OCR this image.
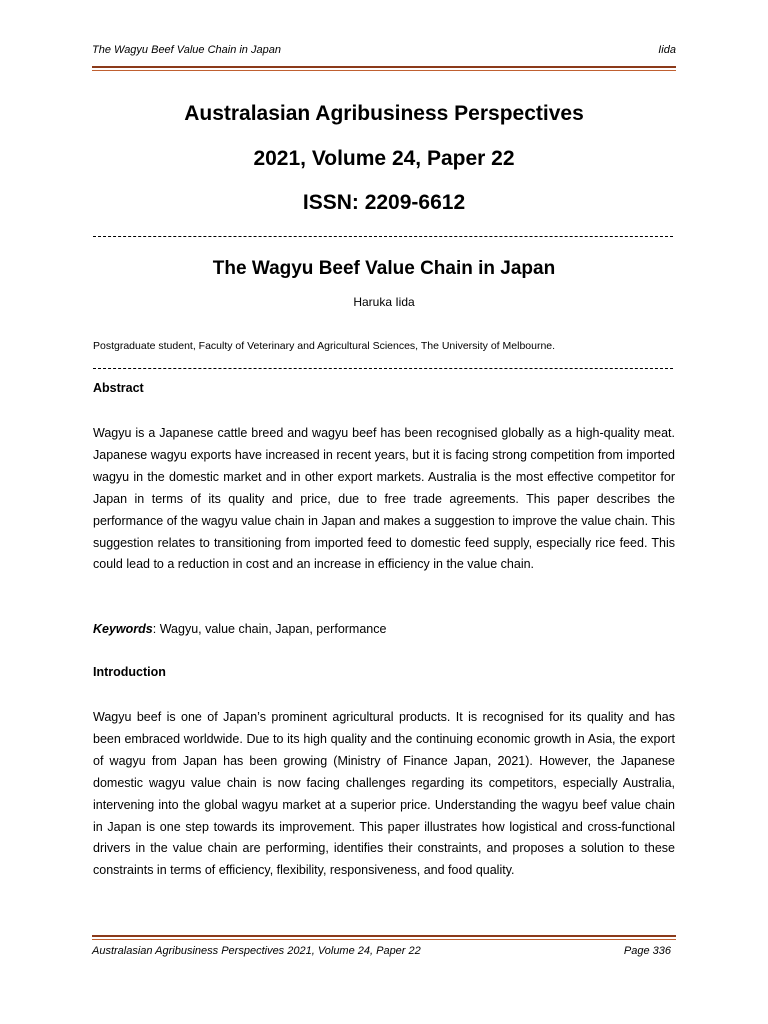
The Wagyu Beef Value Chain in Japan	Iida
Australasian Agribusiness Perspectives
2021, Volume 24, Paper 22
ISSN: 2209-6612
The Wagyu Beef Value Chain in Japan
Haruka Iida
Postgraduate student, Faculty of Veterinary and Agricultural Sciences, The University of Melbourne.
Abstract

Wagyu is a Japanese cattle breed and wagyu beef has been recognised globally as a high-quality meat. Japanese wagyu exports have increased in recent years, but it is facing strong competition from imported wagyu in the domestic market and in other export markets. Australia is the most effective competitor for Japan in terms of its quality and price, due to free trade agreements. This paper describes the performance of the wagyu value chain in Japan and makes a suggestion to improve the value chain. This suggestion relates to transitioning from imported feed to domestic feed supply, especially rice feed. This could lead to a reduction in cost and an increase in efficiency in the value chain.

Keywords: Wagyu, value chain, Japan, performance
Introduction

Wagyu beef is one of Japan’s prominent agricultural products. It is recognised for its quality and has been embraced worldwide. Due to its high quality and the continuing economic growth in Asia, the export of wagyu from Japan has been growing (Ministry of Finance Japan, 2021). However, the Japanese domestic wagyu value chain is now facing challenges regarding its competitors, especially Australia, intervening into the global wagyu market at a superior price. Understanding the wagyu beef value chain in Japan is one step towards its improvement. This paper illustrates how logistical and cross-functional drivers in the value chain are performing, identifies their constraints, and proposes a solution to these constraints in terms of efficiency, flexibility, responsiveness, and food quality.

Australasian Agribusiness Perspectives 2021, Volume 24, Paper 22	Page 336
